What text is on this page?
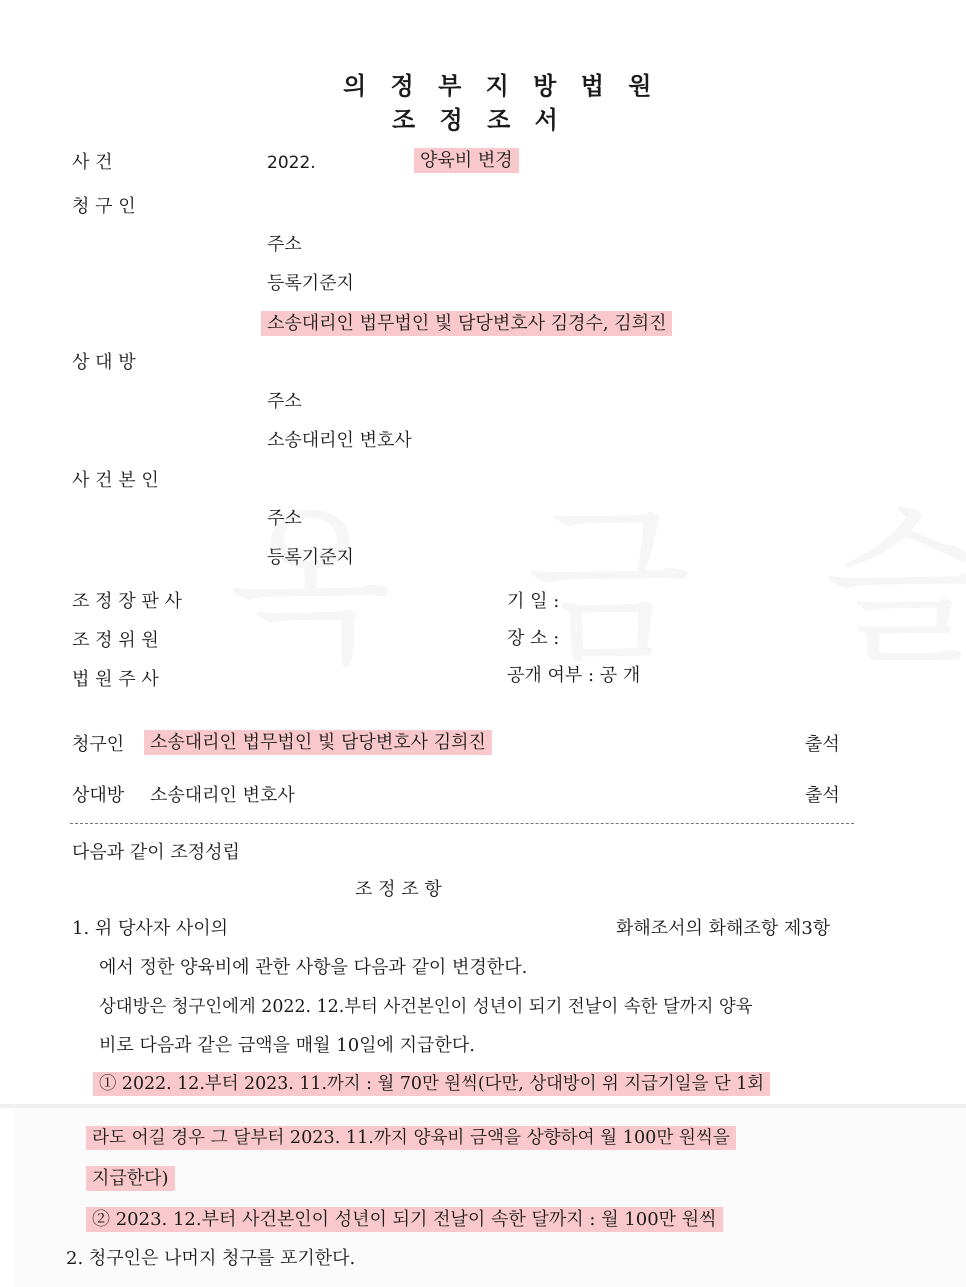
의 정 부 지 방 법 원
조 정 조 서
사 건	2022.	양육비 변경
청 구 인
주소
등록기준지
소송대리인 법무법인 빛 담당변호사 김경수, 김희진
상 대 방
주소
소송대리인 변호사
사 건 본 인
주소
등록기준지
조 정 장 판 사
조 정 위 원
법 원 주 사
기 일 :
장 소 :
공개 여부 : 공 개
청구인	소송대리인 법무법인 빛 담당변호사 김희진	출석
상대방 소송대리인 변호사	출석
다음과 같이 조정성립
조 정 조 항
1. 위 당사자 사이의	화해조서의 화해조항 제3항
에서 정한 양육비에 관한 사항을 다음과 같이 변경한다.
상대방은 청구인에게 2022. 12.부터 사건본인이 성년이 되기 전날이 속한 달까지 양육
비로 다음과 같은 금액을 매월 10일에 지급한다.
① 2022. 12.부터 2023. 11.까지 : 월 70만 원씩(다만, 상대방이 위 지급기일을 단 1회
라도 어길 경우 그 달부터 2023. 11.까지 양육비 금액을 상향하여 월 100만 원씩을
지급한다)
② 2023. 12.부터 사건본인이 성년이 되기 전날이 속한 달까지 : 월 100만 원씩
2. 청구인은 나머지 청구를 포기한다.
